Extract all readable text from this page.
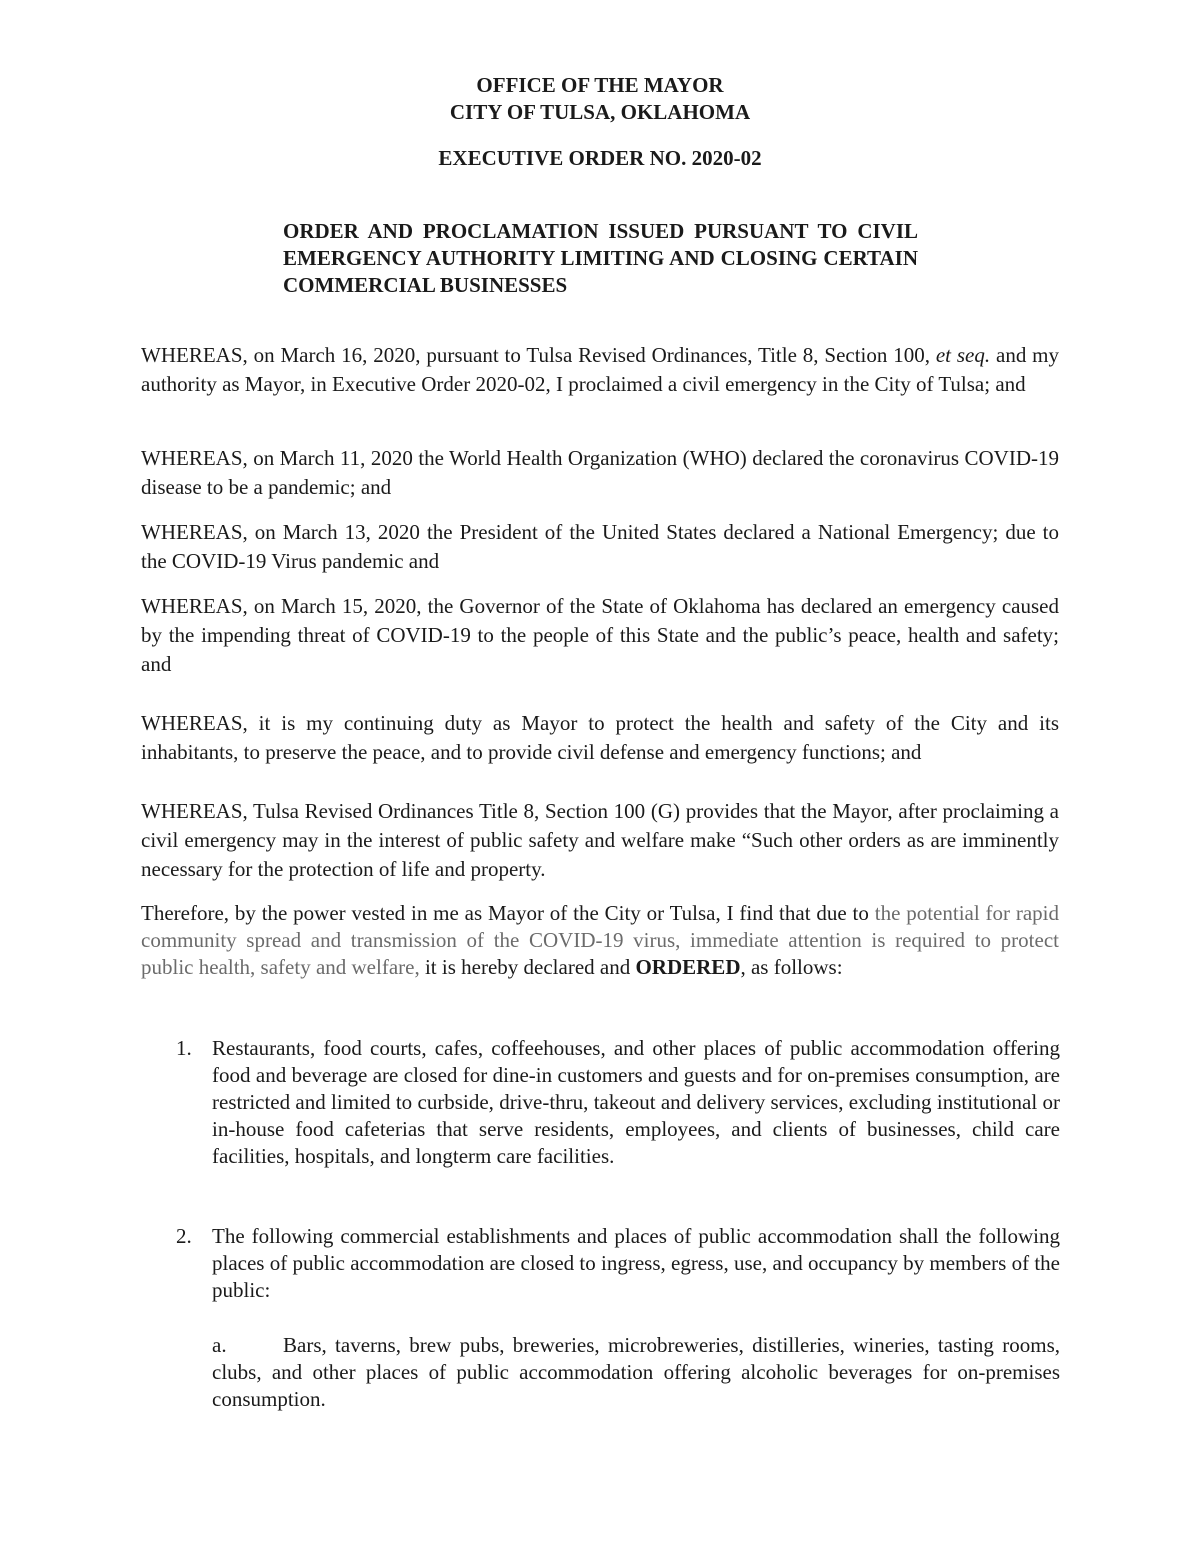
OFFICE OF THE MAYOR

CITY OF TULSA, OKLAHOMA

EXECUTIVE ORDER NO. 2020-02

ORDER AND PROCLAMATION ISSUED PURSUANT TO CIVIL EMERGENCY AUTHORITY LIMITING AND CLOSING CERTAIN COMMERCIAL BUSINESSES

WHEREAS, on March 16, 2020, pursuant to Tulsa Revised Ordinances, Title 8, Section 100, et seq. and my authority as Mayor, in Executive Order 2020-02, I proclaimed a civil emergency in the City of Tulsa; and

WHEREAS, on March 11, 2020 the World Health Organization (WHO) declared the coronavirus COVID-19 disease to be a pandemic; and

WHEREAS, on March 13, 2020 the President of the United States declared a National Emergency; due to the COVID-19 Virus pandemic and

WHEREAS, on March 15, 2020, the Governor of the State of Oklahoma has declared an emergency caused by the impending threat of COVID-19 to the people of this State and the public’s peace, health and safety; and

WHEREAS, it is my continuing duty as Mayor to protect the health and safety of the City and its inhabitants, to preserve the peace, and to provide civil defense and emergency functions; and

WHEREAS, Tulsa Revised Ordinances Title 8, Section 100 (G) provides that the Mayor, after proclaiming a civil emergency may in the interest of public safety and welfare make “Such other orders as are imminently necessary for the protection of life and property.

Therefore, by the power vested in me as Mayor of the City or Tulsa, I find that due to the potential for rapid community spread and transmission of the COVID-19 virus, immediate attention is required to protect public health, safety and welfare, it is hereby declared and ORDERED, as follows:

1. Restaurants, food courts, cafes, coffeehouses, and other places of public accommodation offering food and beverage are closed for dine-in customers and guests and for on-premises consumption, are restricted and limited to curbside, drive-thru, takeout and delivery services, excluding institutional or in-house food cafeterias that serve residents, employees, and clients of businesses, child care facilities, hospitals, and longterm care facilities.
2. The following commercial establishments and places of public accommodation shall the following places of public accommodation are closed to ingress, egress, use, and occupancy by members of the public:

a.	Bars, taverns, brew pubs, breweries, microbreweries, distilleries, wineries, tasting rooms, clubs, and other places of public accommodation offering alcoholic beverages for on-premises consumption.
